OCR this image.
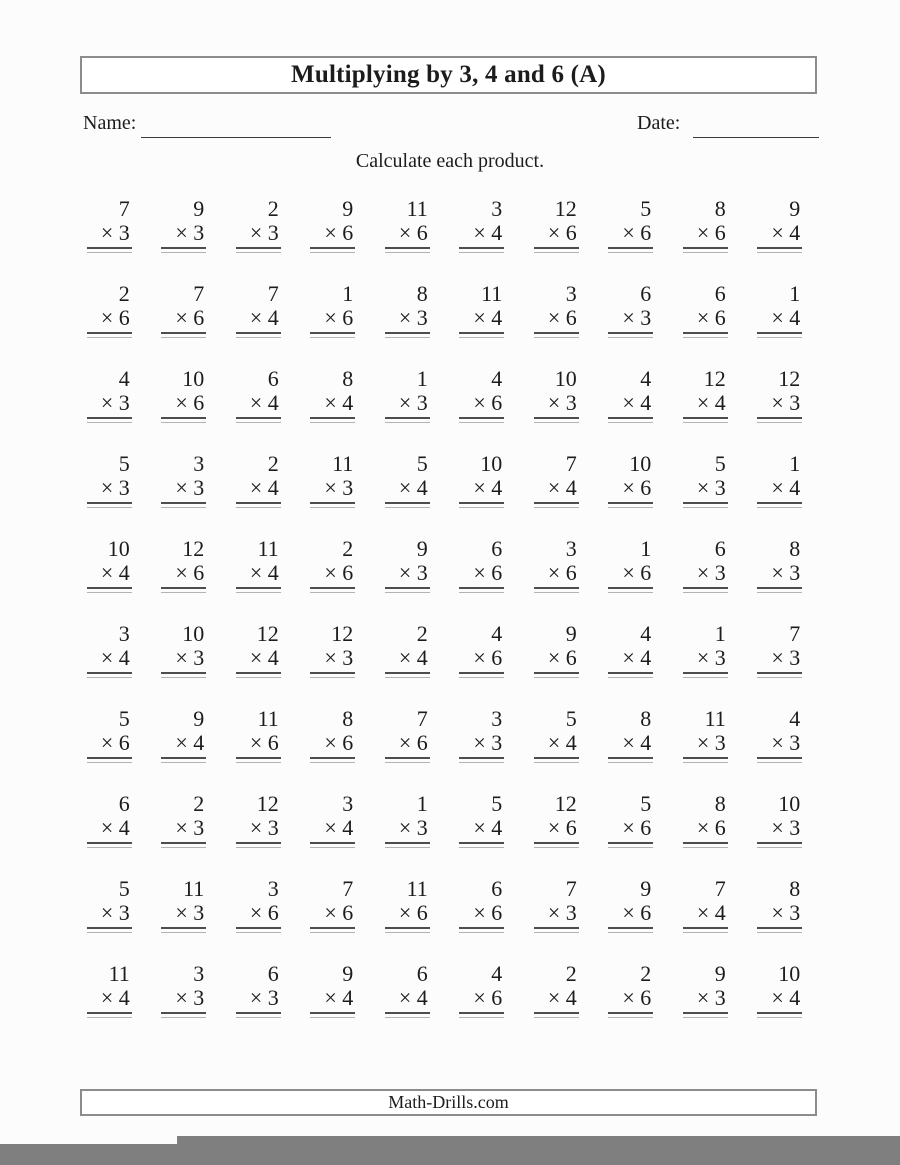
Multiplying by 3, 4 and 6 (A)
Name:	Date:
Calculate each product.
7
× 3
9
× 3
2
× 3
9
× 6
11
× 6
3
× 4
12
× 6
5
× 6
8
× 6
9
× 4
2
× 6
7
× 6
7
× 4
1
× 6
8
× 3
11
× 4
3
× 6
6
× 3
6
× 6
1
× 4
4
× 3
10
× 6
6
× 4
8
× 4
1
× 3
4
× 6
10
× 3
4
× 4
12
× 4
12
× 3
5
× 3
3
× 3
2
× 4
11
× 3
5
× 4
10
× 4
7
× 4
10
× 6
5
× 3
1
× 4
10
× 4
12
× 6
11
× 4
2
× 6
9
× 3
6
× 6
3
× 6
1
× 6
6
× 3
8
× 3
3
× 4
10
× 3
12
× 4
12
× 3
2
× 4
4
× 6
9
× 6
4
× 4
1
× 3
7
× 3
5
× 6
9
× 4
11
× 6
8
× 6
7
× 6
3
× 3
5
× 4
8
× 4
11
× 3
4
× 3
6
× 4
2
× 3
12
× 3
3
× 4
1
× 3
5
× 4
12
× 6
5
× 6
8
× 6
10
× 3
5
× 3
11
× 3
3
× 6
7
× 6
11
× 6
6
× 6
7
× 3
9
× 6
7
× 4
8
× 3
11
× 4
3
× 3
6
× 3
9
× 4
6
× 4
4
× 6
2
× 4
2
× 6
9
× 3
10
× 4
Math-Drills.com
